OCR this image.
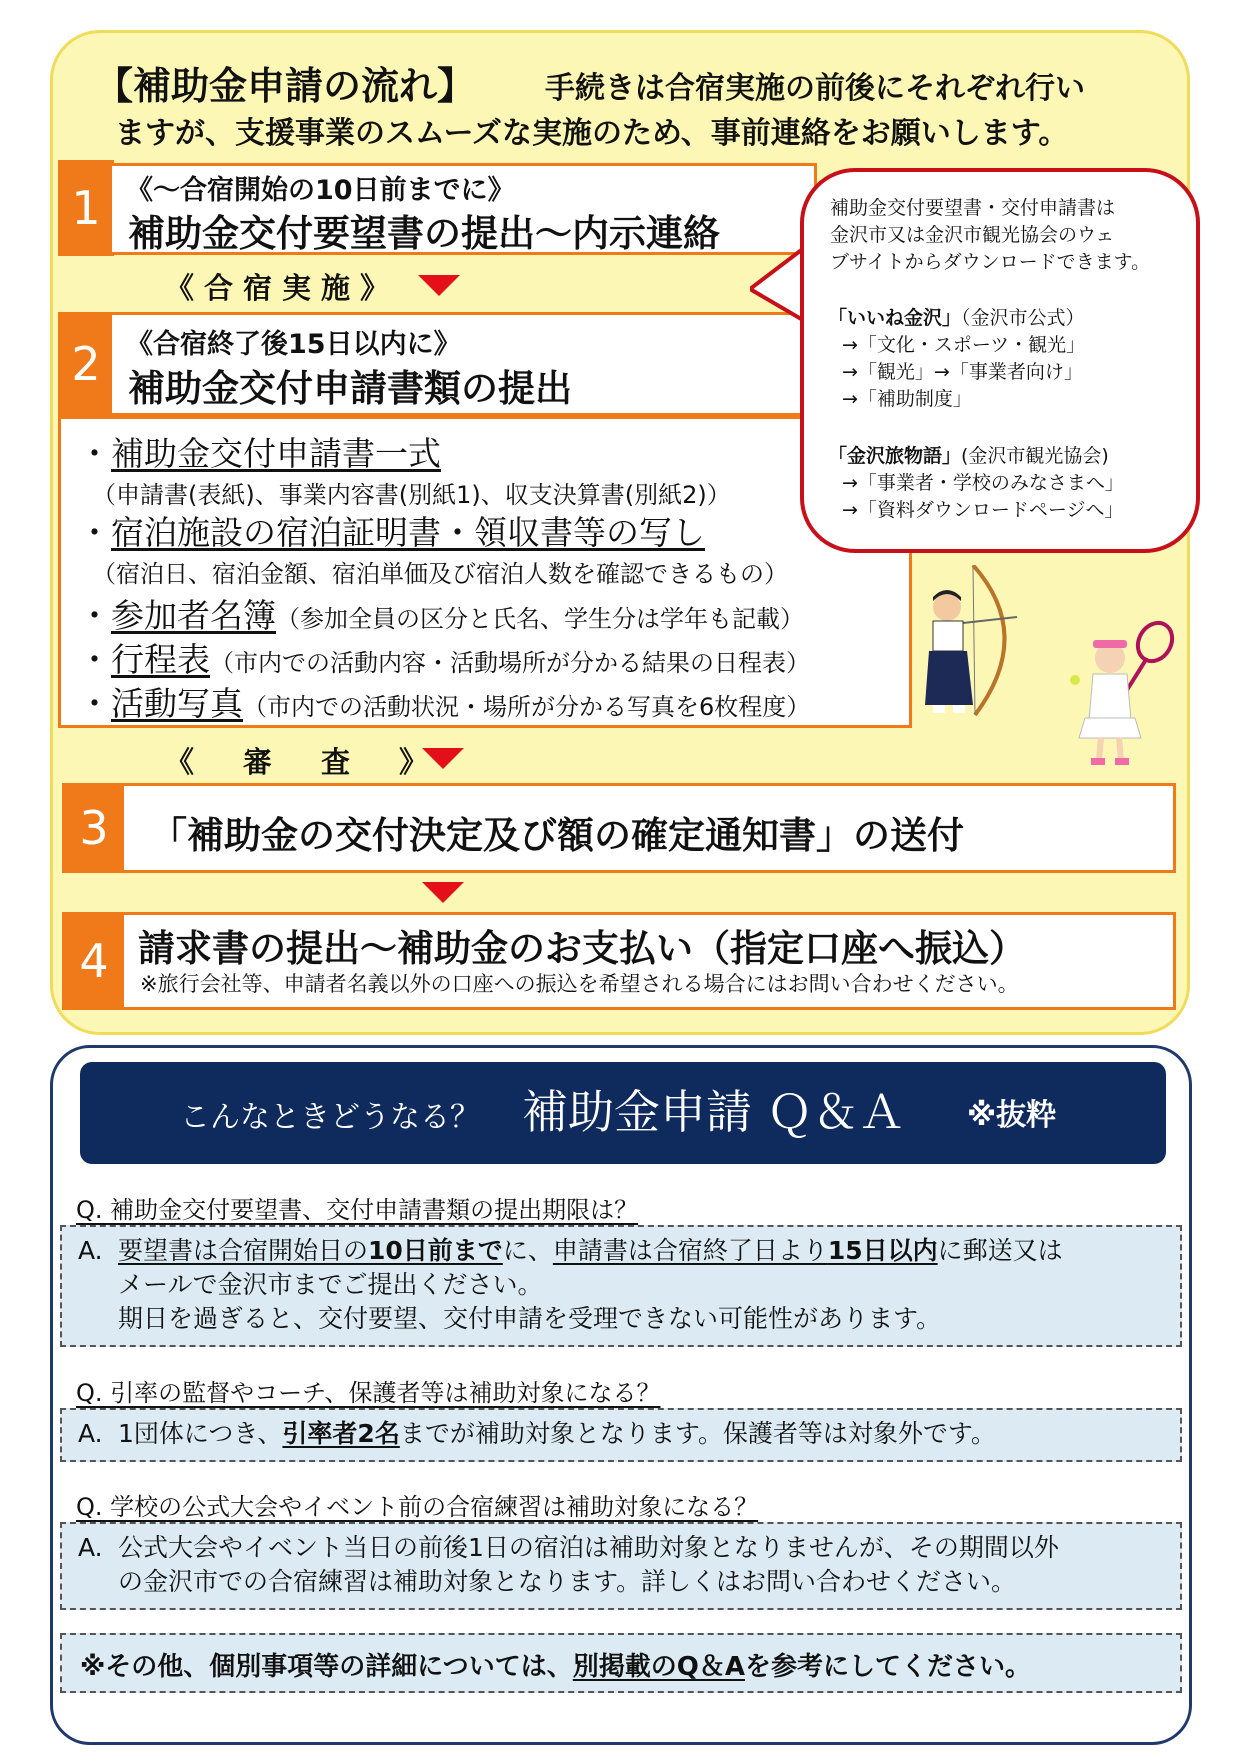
【補助金申請の流れ】 手続きは合宿実施の前後にそれぞれ行い
ますが、支援事業のスムーズな実施のため、事前連絡をお願いします。
1 《～合宿開始の10日前までに》
補助金交付要望書の提出～内示連絡
《合宿実施》
2 《合宿終了後15日以内に》
補助金交付申請書類の提出
・補助金交付申請書一式
（申請書(表紙)、事業内容書(別紙1)、収支決算書(別紙2)）
・宿泊施設の宿泊証明書・領収書等の写し
（宿泊日、宿泊金額、宿泊単価及び宿泊人数を確認できるもの）
・参加者名簿（参加全員の区分と氏名、学生分は学年も記載）
・行程表（市内での活動内容・活動場所が分かる結果の日程表）
・活動写真（市内での活動状況・場所が分かる写真を6枚程度）
補助金交付要望書・交付申請書は
金沢市又は金沢市観光協会のウェ
ブサイトからダウンロードできます。
「いいね金沢」（金沢市公式）
→「文化・スポーツ・観光」
→「観光」→「事業者向け」
→「補助制度」
「金沢旅物語」(金沢市観光協会)
→「事業者・学校のみなさまへ」
→「資料ダウンロードページへ」
《　審　査　》
3	「補助金の交付決定及び額の確定通知書」の送付
4 請求書の提出～補助金のお支払い（指定口座へ振込）
※旅行会社等、申請者名義以外の口座への振込を希望される場合にはお問い合わせください。
こんなときどうなる？ 補助金申請 Ｑ＆Ａ ※抜粋
Q. 補助金交付要望書、交付申請書類の提出期限は？
A. 要望書は合宿開始日の10日前までに、申請書は合宿終了日より15日以内に郵送又は
メールで金沢市までご提出ください。
期日を過ぎると、交付要望、交付申請を受理できない可能性があります。
Q. 引率の監督やコーチ、保護者等は補助対象になる？
A. 1団体につき、引率者2名までが補助対象となります。保護者等は対象外です。
Q. 学校の公式大会やイベント前の合宿練習は補助対象になる？
A. 公式大会やイベント当日の前後1日の宿泊は補助対象となりませんが、その期間以外
の金沢市での合宿練習は補助対象となります。詳しくはお問い合わせください。
※その他、個別事項等の詳細については、別掲載のQ＆Aを参考にしてください。
